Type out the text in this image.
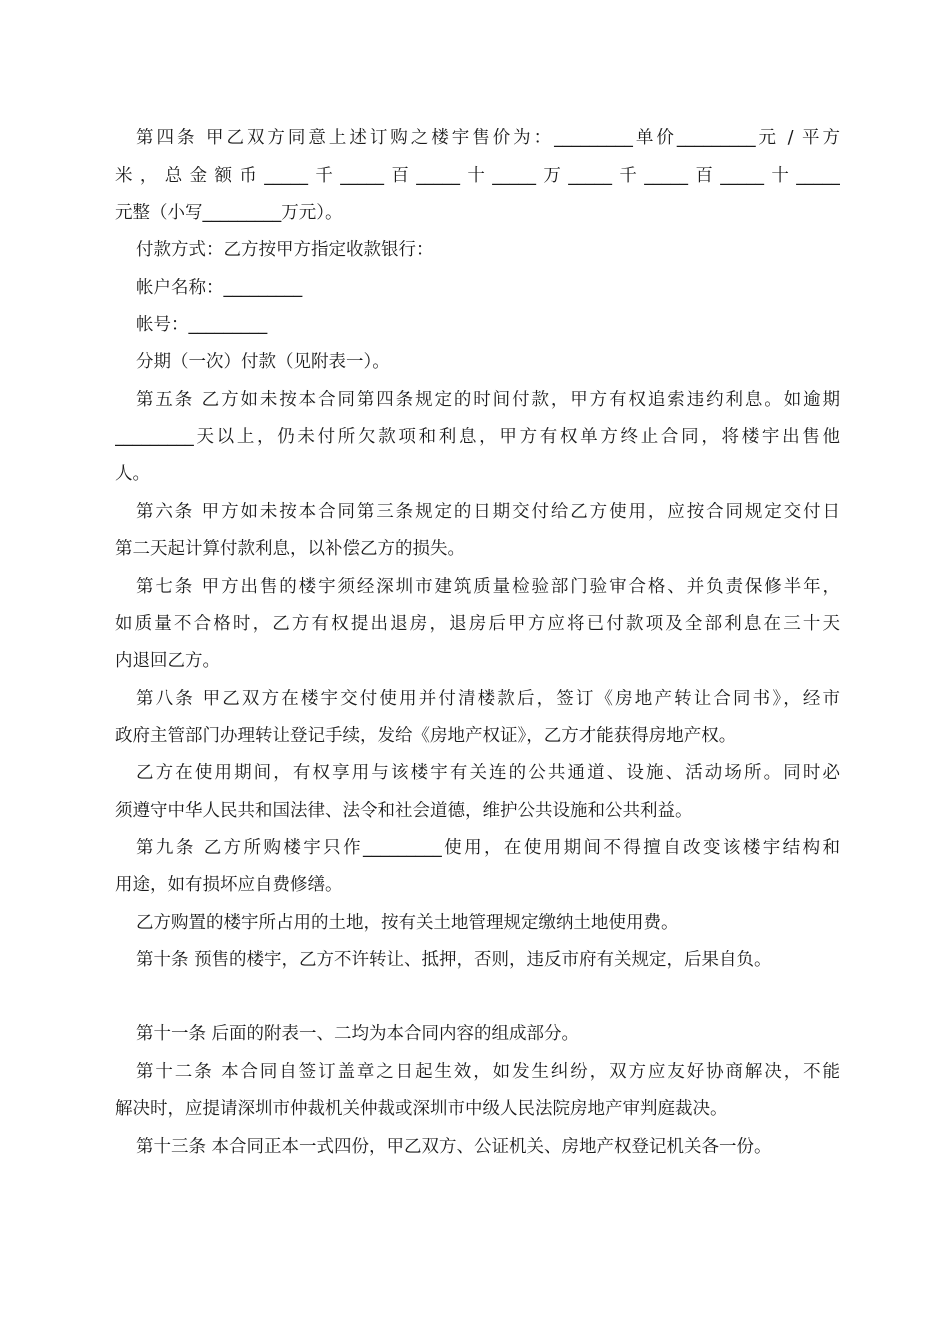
第四条 甲乙双方同意上述订购之楼宇售价为：_________单价_________元 / 平方
米，总金额币_____千_____百_____十_____万_____千_____百_____十_____
元整（小写_________万元）。
付款方式：乙方按甲方指定收款银行：
帐户名称：_________
帐号：_________
分期（一次）付款（见附表一）。
第五条 乙方如未按本合同第四条规定的时间付款，甲方有权追索违约利息。如逾期
_________天以上，仍未付所欠款项和利息，甲方有权单方终止合同，将楼宇出售他
人。
第六条 甲方如未按本合同第三条规定的日期交付给乙方使用，应按合同规定交付日
第二天起计算付款利息，以补偿乙方的损失。
第七条 甲方出售的楼宇须经深圳市建筑质量检验部门验审合格、并负责保修半年，
如质量不合格时，乙方有权提出退房，退房后甲方应将已付款项及全部利息在三十天
内退回乙方。
第八条 甲乙双方在楼宇交付使用并付清楼款后，签订《房地产转让合同书》，经市
政府主管部门办理转让登记手续，发给《房地产权证》，乙方才能获得房地产权。
乙方在使用期间，有权享用与该楼宇有关连的公共通道、设施、活动场所。同时必
须遵守中华人民共和国法律、法令和社会道德，维护公共设施和公共利益。
第九条 乙方所购楼宇只作_________使用，在使用期间不得擅自改变该楼宇结构和
用途，如有损坏应自费修缮。
乙方购置的楼宇所占用的土地，按有关土地管理规定缴纳土地使用费。
第十条 预售的楼宇，乙方不许转让、抵押，否则，违反市府有关规定，后果自负。
第十一条 后面的附表一、二均为本合同内容的组成部分。
第十二条 本合同自签订盖章之日起生效，如发生纠纷，双方应友好协商解决，不能
解决时，应提请深圳市仲裁机关仲裁或深圳市中级人民法院房地产审判庭裁决。
第十三条 本合同正本一式四份，甲乙双方、公证机关、房地产权登记机关各一份。
